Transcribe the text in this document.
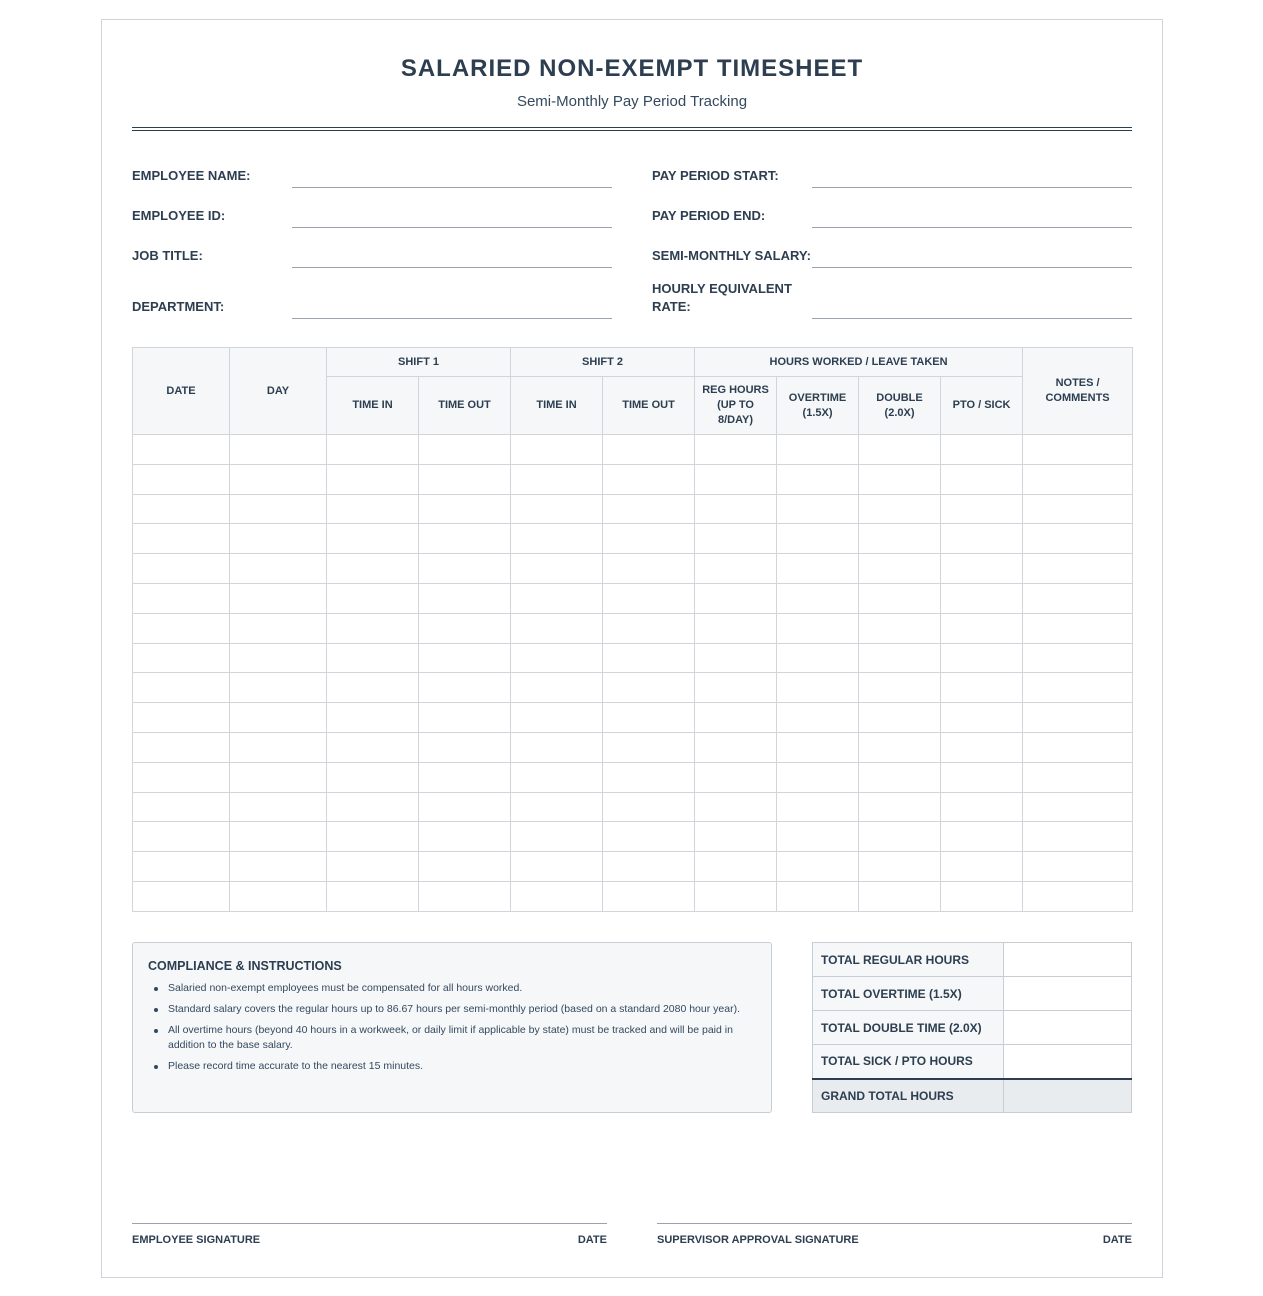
SALARIED NON-EXEMPT TIMESHEET
Semi-Monthly Pay Period Tracking
EMPLOYEE NAME:
EMPLOYEE ID:
JOB TITLE:
DEPARTMENT:
PAY PERIOD START:
PAY PERIOD END:
SEMI-MONTHLY SALARY:
HOURLY EQUIVALENT RATE:
DATE	DAY	SHIFT 1		SHIFT 2		HOURS WORKED / LEAVE TAKEN				NOTES / COMMENTS
		TIME IN	TIME OUT	TIME IN	TIME OUT	REG HOURS (UP TO 8/DAY)	OVERTIME (1.5X)	DOUBLE (2.0X)	PTO / SICK	

COMPLIANCE & INSTRUCTIONS
Salaried non-exempt employees must be compensated for all hours worked.
Standard salary covers the regular hours up to 86.67 hours per semi-monthly period (based on a standard 2080 hour year).
All overtime hours (beyond 40 hours in a workweek, or daily limit if applicable by state) must be tracked and will be paid in addition to the base salary.
Please record time accurate to the nearest 15 minutes.
TOTAL REGULAR HOURS	
TOTAL OVERTIME (1.5X)	
TOTAL DOUBLE TIME (2.0X)	
TOTAL SICK / PTO HOURS	
GRAND TOTAL HOURS	
EMPLOYEE SIGNATURE	DATE	SUPERVISOR APPROVAL SIGNATURE	DATE
